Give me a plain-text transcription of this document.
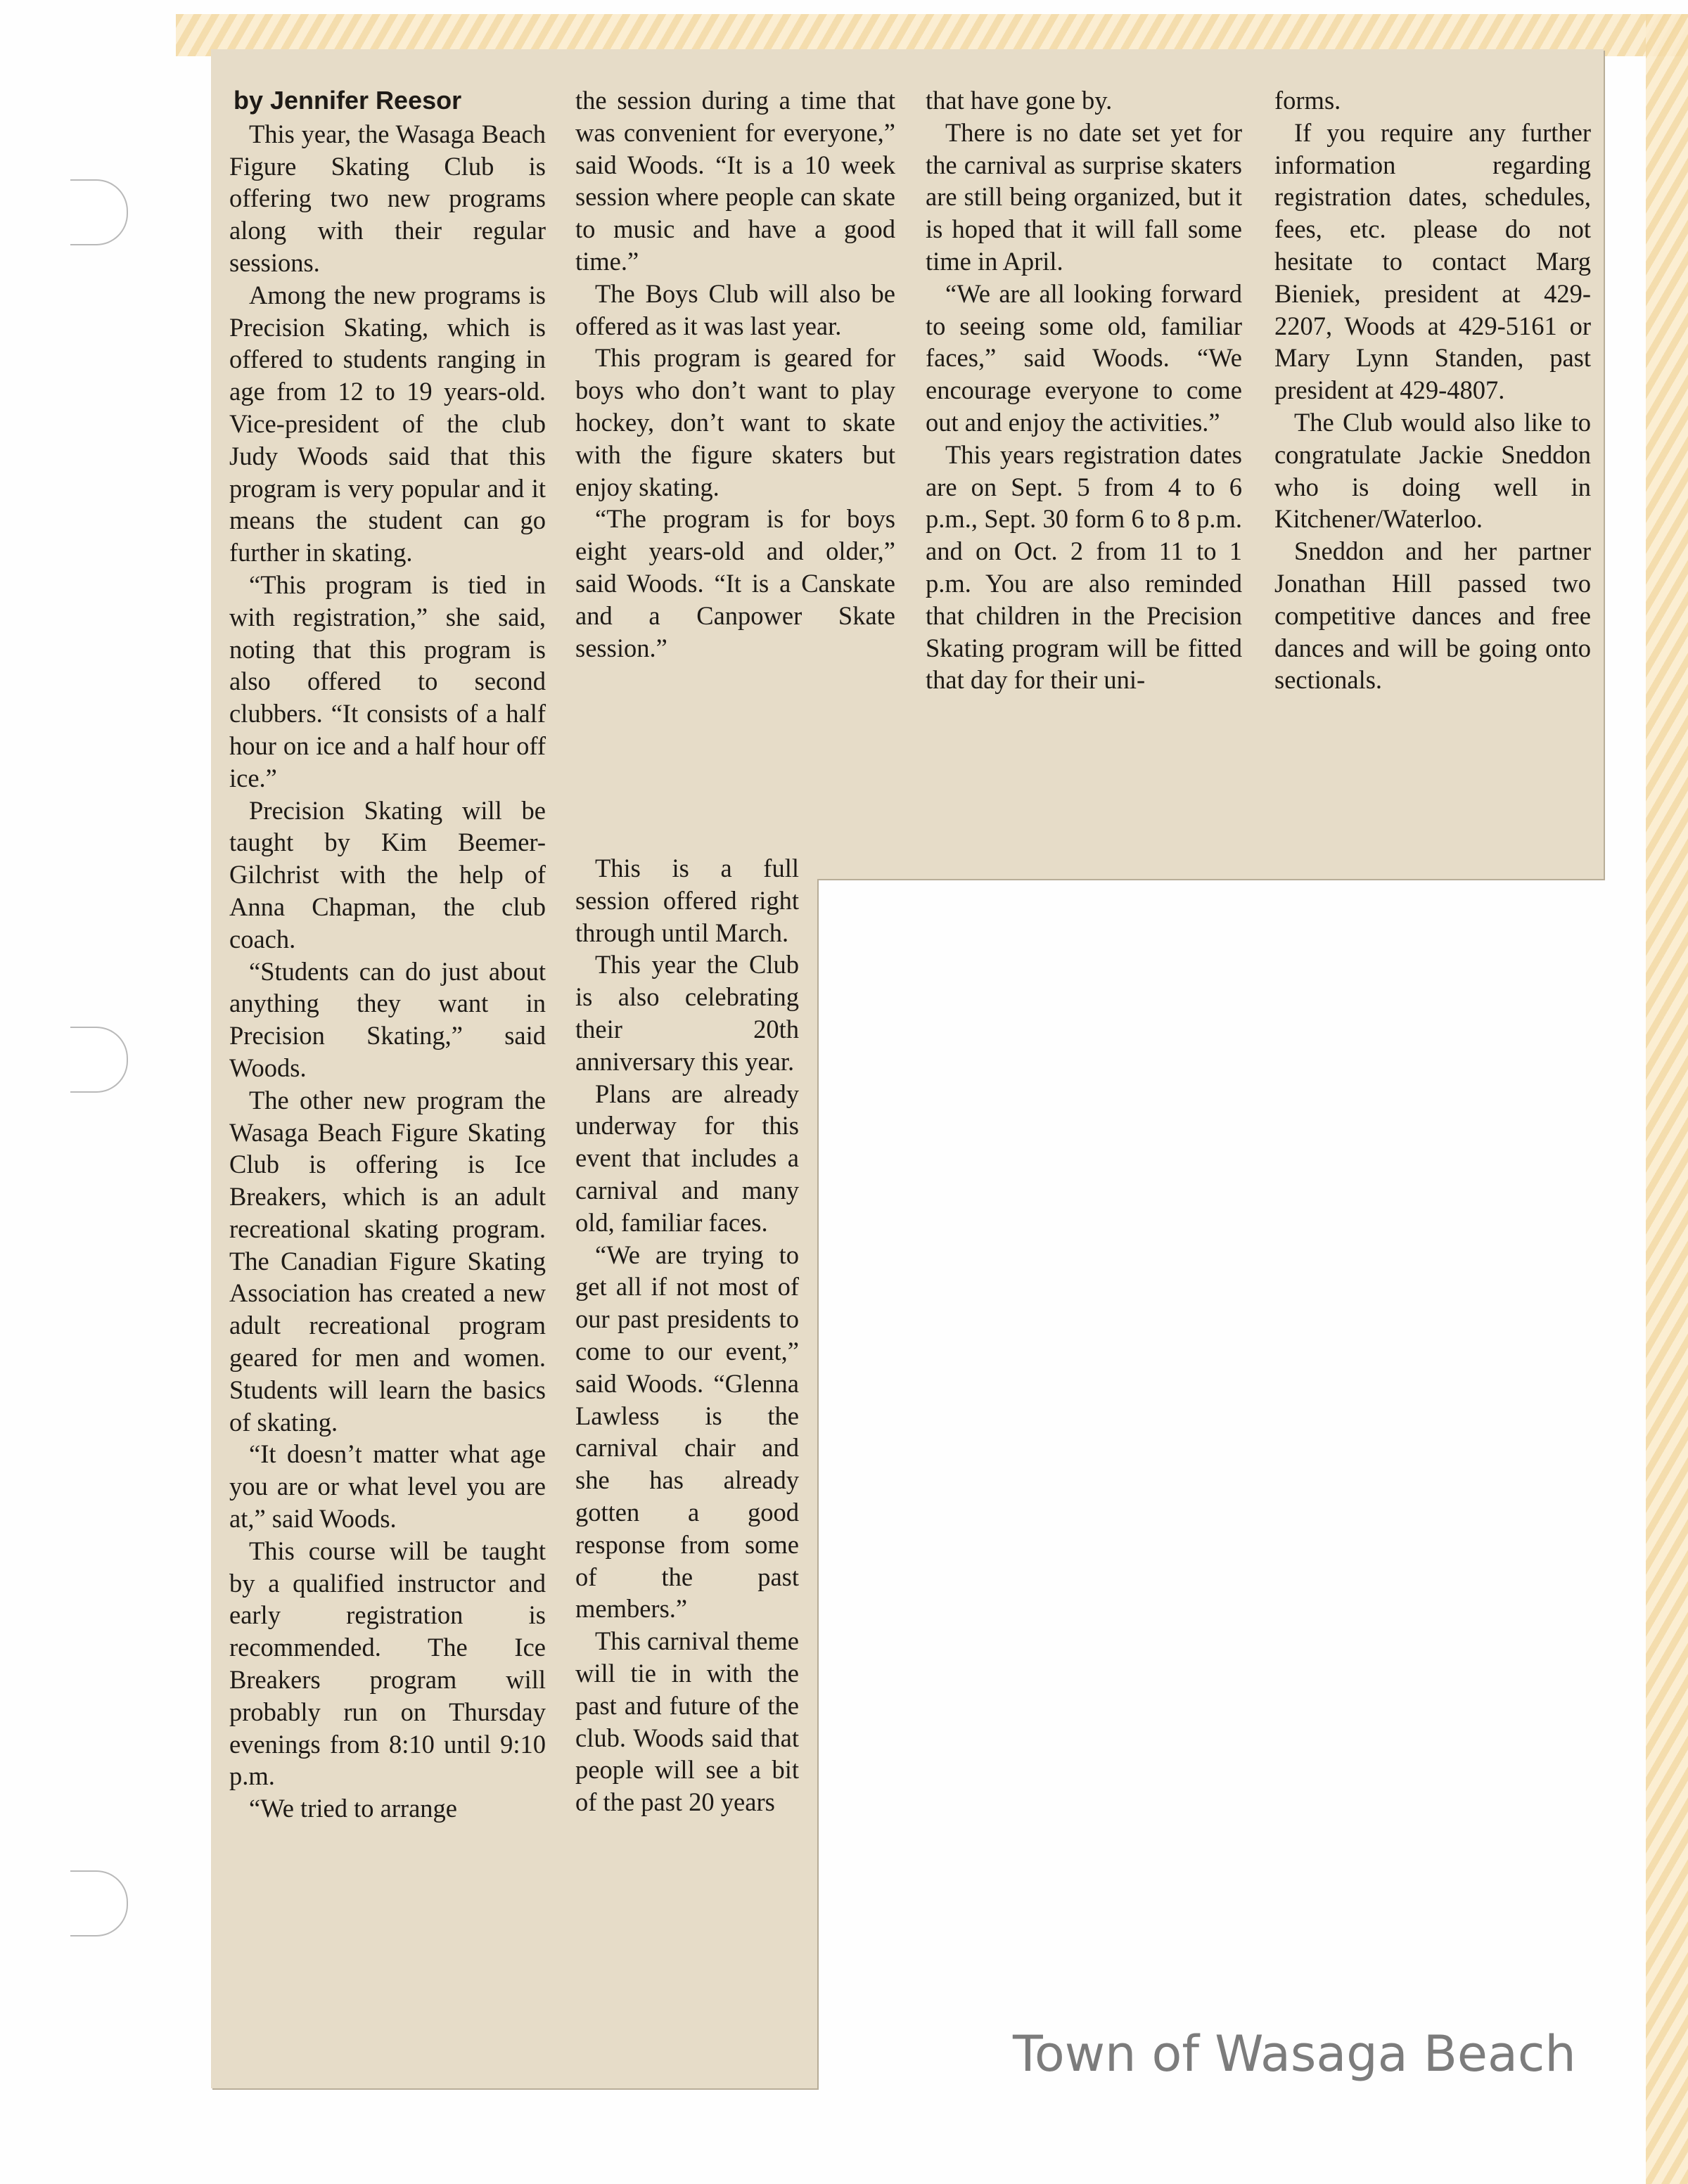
by Jennifer Reesor

This year, the Wasaga Beach Figure Skating Club is offering two new programs along with their regular sessions.

Among the new programs is Precision Skating, which is offered to students ranging in age from 12 to 19 years-old. Vice-president of the club Judy Woods said that this program is very popular and it means the student can go further in skating.

“This program is tied in with registration,” she said, noting that this program is also offered to second clubbers. “It consists of a half hour on ice and a half hour off ice.”

Precision Skating will be taught by Kim Beemer-Gilchrist with the help of Anna Chapman, the club coach.

“Students can do just about anything they want in Precision Skating,” said Woods.

The other new program the Wasaga Beach Figure Skating Club is offering is Ice Breakers, which is an adult recreational skating program. The Canadian Figure Skating Association has created a new adult recreational program geared for men and women. Students will learn the basics of skating.

“It doesn’t matter what age you are or what level you are at,” said Woods.

This course will be taught by a qualified instructor and early registration is recommended. The Ice Breakers program will probably run on Thursday evenings from 8:10 until 9:10 p.m.

“We tried to arrange

the session during a time that was convenient for everyone,” said Woods. “It is a 10 week session where people can skate to music and have a good time.”

The Boys Club will also be offered as it was last year.

This program is geared for boys who don’t want to play hockey, don’t want to skate with the figure skaters but enjoy skating.

“The program is for boys eight years-old and older,” said Woods. “It is a Canskate and a Canpower Skate session.”

This is a full session offered right through until March.

This year the Club is also celebrating their 20th anniversary this year.

Plans are already underway for this event that includes a carnival and many old, familiar faces.

“We are trying to get all if not most of our past presidents to come to our event,” said Woods. “Glenna Lawless is the carnival chair and she has already gotten a good response from some of the past members.”

This carnival theme will tie in with the past and future of the club. Woods said that people will see a bit of the past 20 years

that have gone by.

There is no date set yet for the carnival as surprise skaters are still being organized, but it is hoped that it will fall some time in April.

“We are all looking forward to seeing some old, familiar faces,” said Woods. “We encourage everyone to come out and enjoy the activities.”

This years registration dates are on Sept. 5 from 4 to 6 p.m., Sept. 30 form 6 to 8 p.m. and on Oct. 2 from 11 to 1 p.m. You are also reminded that children in the Precision Skating program will be fitted that day for their uni-

forms.

If you require any further information regarding registration dates, schedules, fees, etc. please do not hesitate to contact Marg Bieniek, president at 429-2207, Woods at 429-5161 or Mary Lynn Standen, past president at 429-4807.

The Club would also like to congratulate Jackie Sneddon who is doing well in Kitchener/Waterloo.

Sneddon and her partner Jonathan Hill passed two competitive dances and free dances and will be going onto sectionals.

Town of Wasaga Beach
